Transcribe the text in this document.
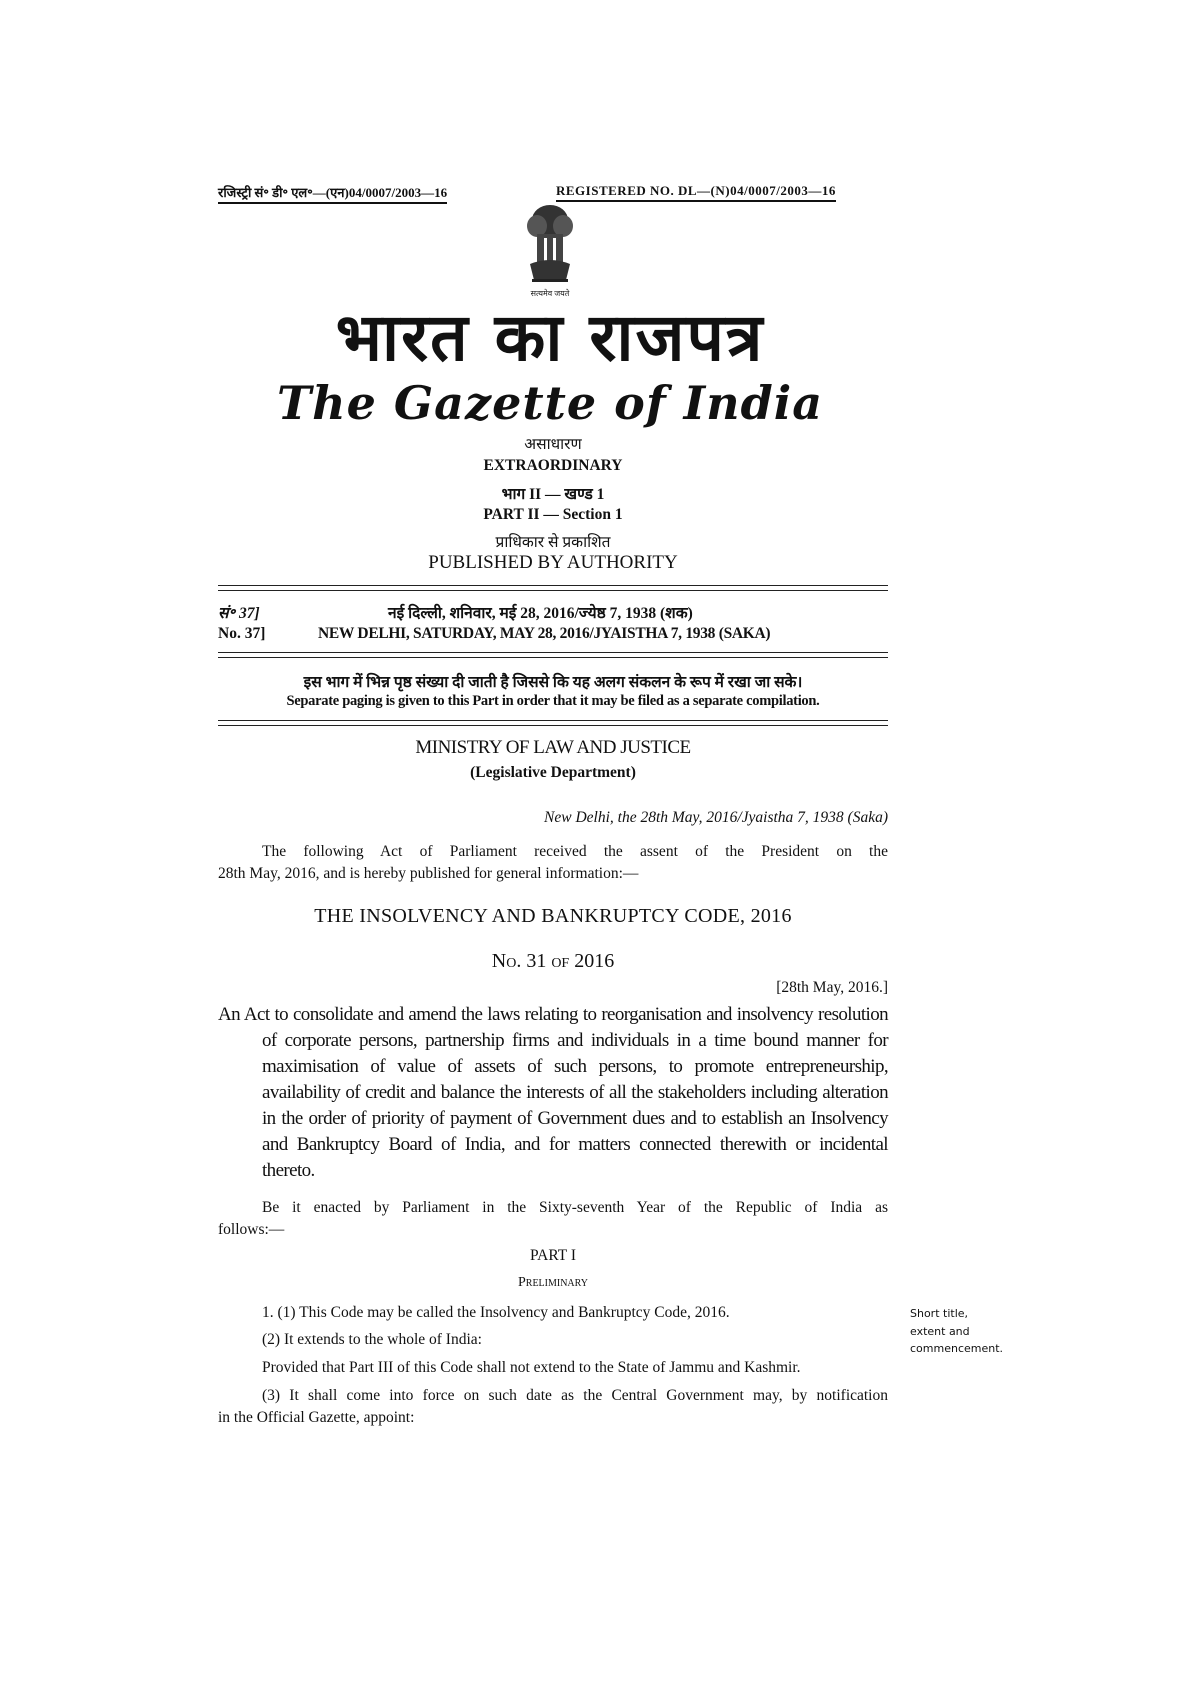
रजिस्ट्री सं॰ डी॰ एल॰—(एन)04/0007/2003—16	REGISTERED NO. DL—(N)04/0007/2003—16
सत्यमेव जयते
भारत का राजपत्र
The Gazette of India
असाधारण
EXTRAORDINARY
भाग II — खण्ड 1
PART II — Section 1
प्राधिकार से प्रकाशित
PUBLISHED BY AUTHORITY
सं॰ 37]	नई दिल्ली, शनिवार, मई 28, 2016/ज्येष्ठ 7, 1938 (शक)
No. 37]	NEW DELHI, SATURDAY, MAY 28, 2016/JYAISTHA 7, 1938 (SAKA)
इस भाग में भिन्न पृष्ठ संख्या दी जाती है जिससे कि यह अलग संकलन के रूप में रखा जा सके।
Separate paging is given to this Part in order that it may be filed as a separate compilation.
MINISTRY OF LAW AND JUSTICE
(Legislative Department)
New Delhi, the 28th May, 2016/Jyaistha 7, 1938 (Saka)
The following Act of Parliament received the assent of the President on the
28th May, 2016, and is hereby published for general information:—
THE INSOLVENCY AND BANKRUPTCY CODE, 2016
No. 31 of 2016
[28th May, 2016.]

An Act to consolidate and amend the laws relating to reorganisation and insolvency resolution of corporate persons, partnership firms and individuals in a time bound manner for maximisation of value of assets of such persons, to promote entrepreneurship, availability of credit and balance the interests of all the stakeholders including alteration in the order of priority of payment of Government dues and to establish an Insolvency and Bankruptcy Board of India, and for matters connected therewith or incidental thereto.

Be it enacted by Parliament in the Sixty-seventh Year of the Republic of India as
follows:—
PART I
Preliminary
1. (1) This Code may be called the Insolvency and Bankruptcy Code, 2016.
(2) It extends to the whole of India:
Provided that Part III of this Code shall not extend to the State of Jammu and Kashmir.
(3) It shall come into force on such date as the Central Government may, by notification
in the Official Gazette, appoint:
Short title,
extent and
commencement.
